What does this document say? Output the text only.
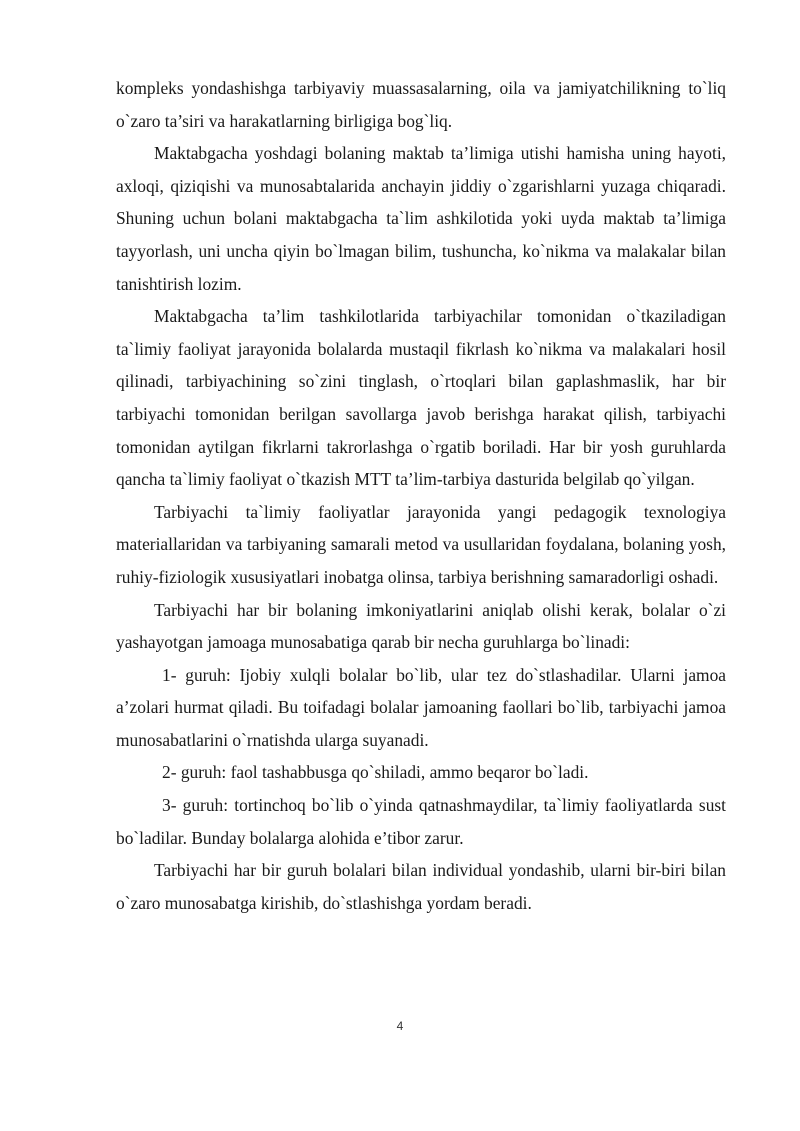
kompleks yondashishga tarbiyaviy muassasalarning, oila va jamiyatchilikning to`liq o`zaro ta’siri va harakatlarning birligiga bog`liq.

Maktabgacha yoshdagi bolaning maktab ta’limiga utishi hamisha uning hayoti, axloqi, qiziqishi va munosabtalarida anchayin jiddiy o`zgarishlarni yuzaga chiqaradi. Shuning uchun bolani maktabgacha ta`lim ashkilotida yoki uyda maktab ta’limiga tayyorlash, uni uncha qiyin bo`lmagan bilim, tushuncha, ko`nikma va malakalar bilan tanishtirish lozim.

Maktabgacha ta’lim tashkilotlarida tarbiyachilar tomonidan o`tkaziladigan ta`limiy faoliyat jarayonida bolalarda mustaqil fikrlash ko`nikma va malakalari hosil qilinadi, tarbiyachining so`zini tinglash, o`rtoqlari bilan gaplashmaslik, har bir tarbiyachi tomonidan berilgan savollarga javob berishga harakat qilish, tarbiyachi tomonidan aytilgan fikrlarni takrorlashga o`rgatib boriladi. Har bir yosh guruhlarda qancha ta`limiy faoliyat o`tkazish MTT ta’lim-tarbiya dasturida belgilab qo`yilgan.

Tarbiyachi ta`limiy faoliyatlar jarayonida yangi pedagogik texnologiya materiallaridan va tarbiyaning samarali metod va usullaridan foydalana, bolaning yosh, ruhiy-fiziologik xususiyatlari inobatga olinsa, tarbiya berishning samaradorligi oshadi.

Tarbiyachi har bir bolaning imkoniyatlarini aniqlab olishi kerak, bolalar o`zi yashayotgan jamoaga munosabatiga qarab bir necha guruhlarga bo`linadi:

1- guruh: Ijobiy xulqli bolalar bo`lib, ular tez do`stlashadilar. Ularni jamoa a’zolari hurmat qiladi. Bu toifadagi bolalar jamoaning faollari bo`lib, tarbiyachi jamoa munosabatlarini o`rnatishda ularga suyanadi.

2- guruh: faol tashabbusga qo`shiladi, ammo beqaror bo`ladi.

3- guruh: tortinchoq bo`lib o`yinda qatnashmaydilar, ta`limiy faoliyatlarda sust bo`ladilar. Bunday bolalarga alohida e’tibor zarur.

Tarbiyachi har bir guruh bolalari bilan individual yondashib, ularni bir-biri bilan o`zaro munosabatga kirishib, do`stlashishga yordam beradi.

4
